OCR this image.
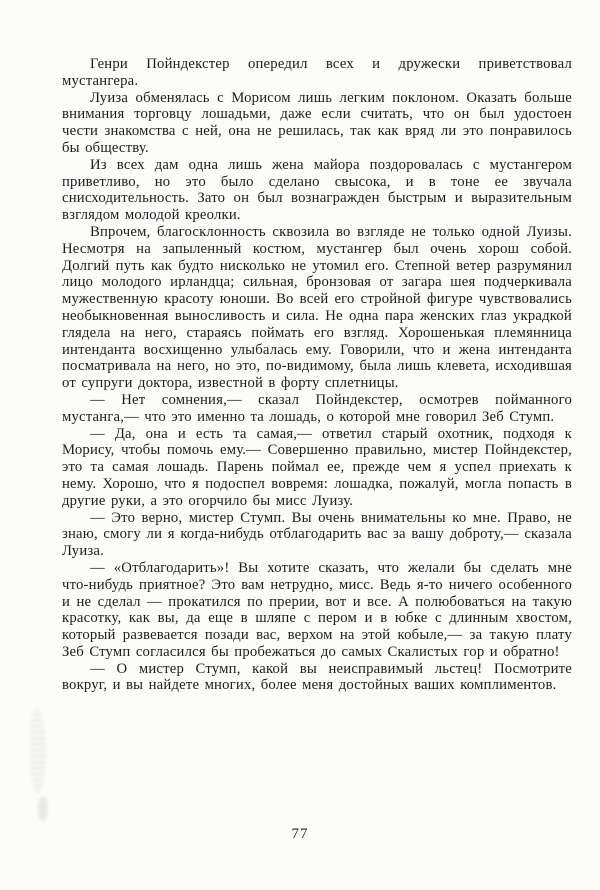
Генри Пойндекстер опередил всех и дружески приветствовал мустангера.

Луиза обменялась с Морисом лишь легким поклоном. Оказать больше внимания торговцу лошадьми, даже если считать, что он был удостоен чести знакомства с ней, она не решилась, так как вряд ли это понравилось бы обществу.

Из всех дам одна лишь жена майора поздоровалась с мустангером приветливо, но это было сделано свысока, и в тоне ее звучала снисходительность. Зато он был вознагражден быстрым и выразительным взглядом молодой креолки.

Впрочем, благосклонность сквозила во взгляде не только одной Луизы. Несмотря на запыленный костюм, мустангер был очень хорош собой. Долгий путь как будто нисколько не утомил его. Степной ветер разрумянил лицо молодого ирландца; сильная, бронзовая от загара шея подчеркивала мужественную красоту юноши. Во всей его стройной фигуре чувствовались необыкновенная выносливость и сила. Не одна пара женских глаз украдкой глядела на него, стараясь поймать его взгляд. Хорошенькая племянница интенданта восхищенно улыбалась ему. Говорили, что и жена интенданта посматривала на него, но это, по-видимому, была лишь клевета, исходившая от супруги доктора, известной в форту сплетницы.

— Нет сомнения,— сказал Пойндекстер, осмотрев пойманного мустанга,— что это именно та лошадь, о которой мне говорил Зеб Стумп.

— Да, она и есть та самая,— ответил старый охотник, подходя к Морису, чтобы помочь ему.— Совершенно правильно, мистер Пойндекстер, это та самая лошадь. Парень поймал ее, прежде чем я успел приехать к нему. Хорошо, что я подоспел вовремя: лошадка, пожалуй, могла попасть в другие руки, а это огорчило бы мисс Луизу.

— Это верно, мистер Стумп. Вы очень внимательны ко мне. Право, не знаю, смогу ли я когда-нибудь отблагодарить вас за вашу доброту,— сказала Луиза.

— «Отблагодарить»! Вы хотите сказать, что желали бы сделать мне что-нибудь приятное? Это вам нетрудно, мисс. Ведь я-то ничего особенного и не сделал — прокатился по прерии, вот и все. А полюбоваться на такую красотку, как вы, да еще в шляпе с пером и в юбке с длинным хвостом, который развевается позади вас, верхом на этой кобыле,— за такую плату Зеб Стумп согласился бы пробежаться до самых Скалистых гор и обратно!

— О мистер Стумп, какой вы неисправимый льстец! Посмотрите вокруг, и вы найдете многих, более меня достойных ваших комплиментов.

77
